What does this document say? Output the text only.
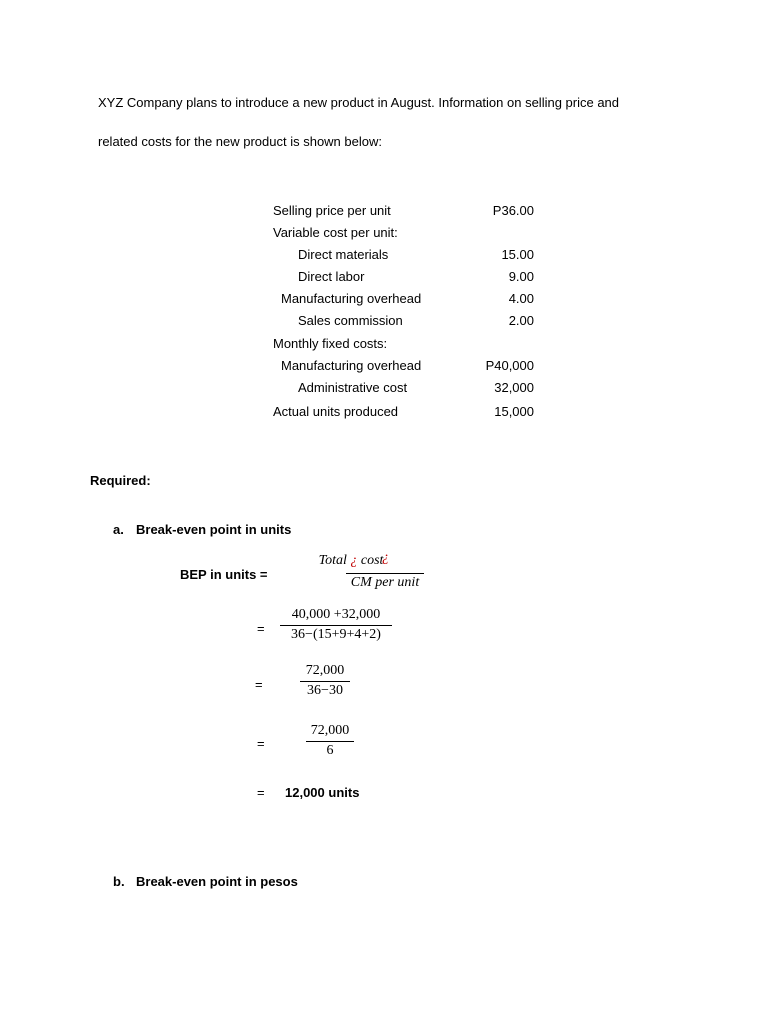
XYZ Company plans to introduce a new product in August. Information on selling price and
related costs for the new product is shown below:
Selling price per unit	P36.00
Variable cost per unit:
Direct materials	15.00
Direct labor	9.00
Manufacturing overhead	4.00
Sales commission	2.00
Monthly fixed costs:
Manufacturing overhead	P40,000
Administrative cost	32,000
Actual units produced	15,000
Required:
a. Break-even point in units
BEP in units =
Total ¿ cost
¿
CM per unit
=
40,000 +32,000
36−(15+9+4+2)
=
72,000
36−30
=
72,000
6
= 12,000 units
b. Break-even point in pesos
